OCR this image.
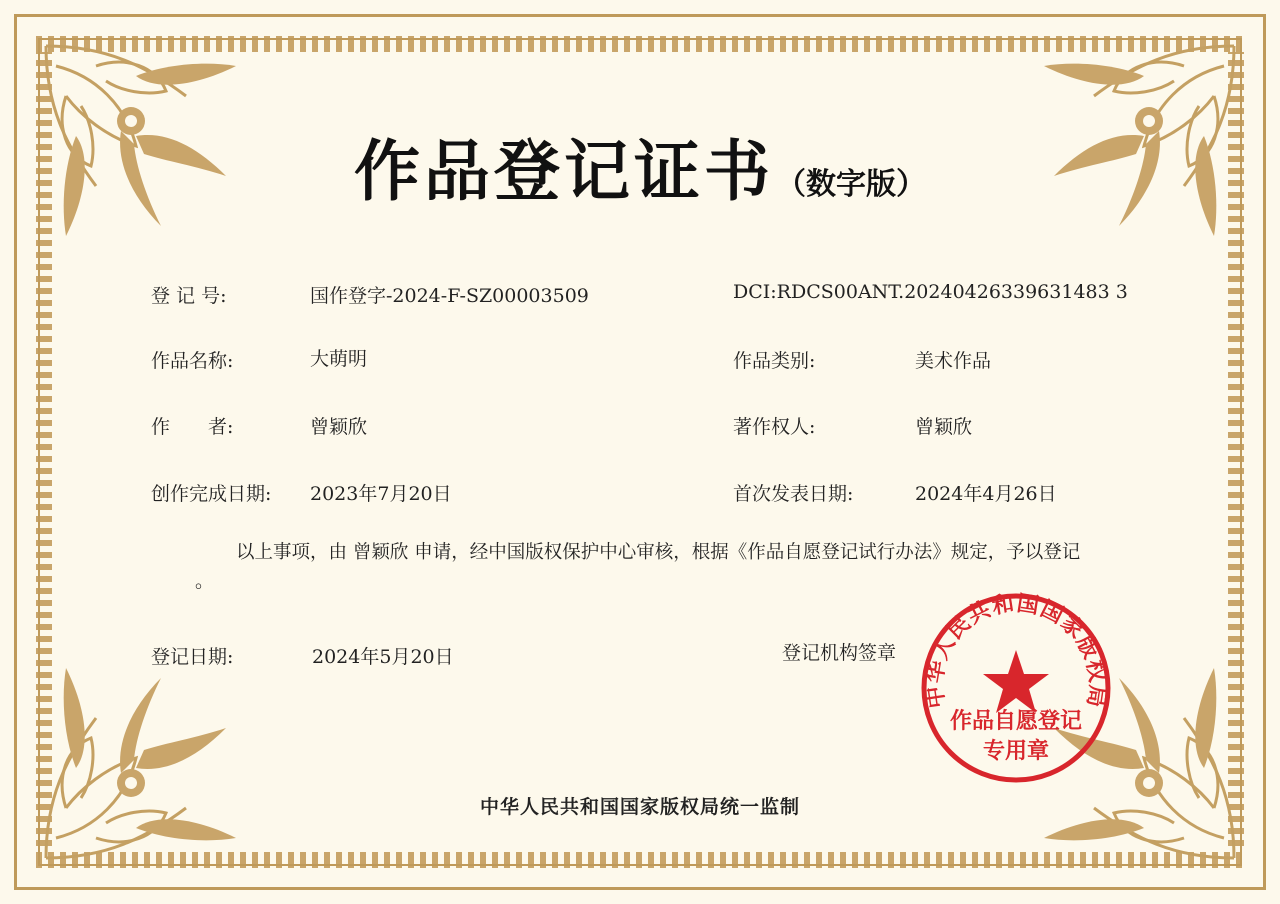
作品登记证书（数字版）
登 记 号:	国作登字-2024-F-SZ00003509	DCI:RDCS00ANT.20240426339631483 3
作品名称:	大萌明	作品类别:	美术作品
作　　者:	曾颖欣	著作权人:	曾颖欣
创作完成日期: 2023年7月20日	首次发表日期:	2024年4月26日
以上事项，由 曾颖欣 申请，经中国版权保护中心审核，根据《作品自愿登记试行办法》规定，予以登记
。
登记日期:	2024年5月20日	登记机构签章
中华人民共和国国家版权局
作品自愿登记
专用章
中华人民共和国国家版权局统一监制
